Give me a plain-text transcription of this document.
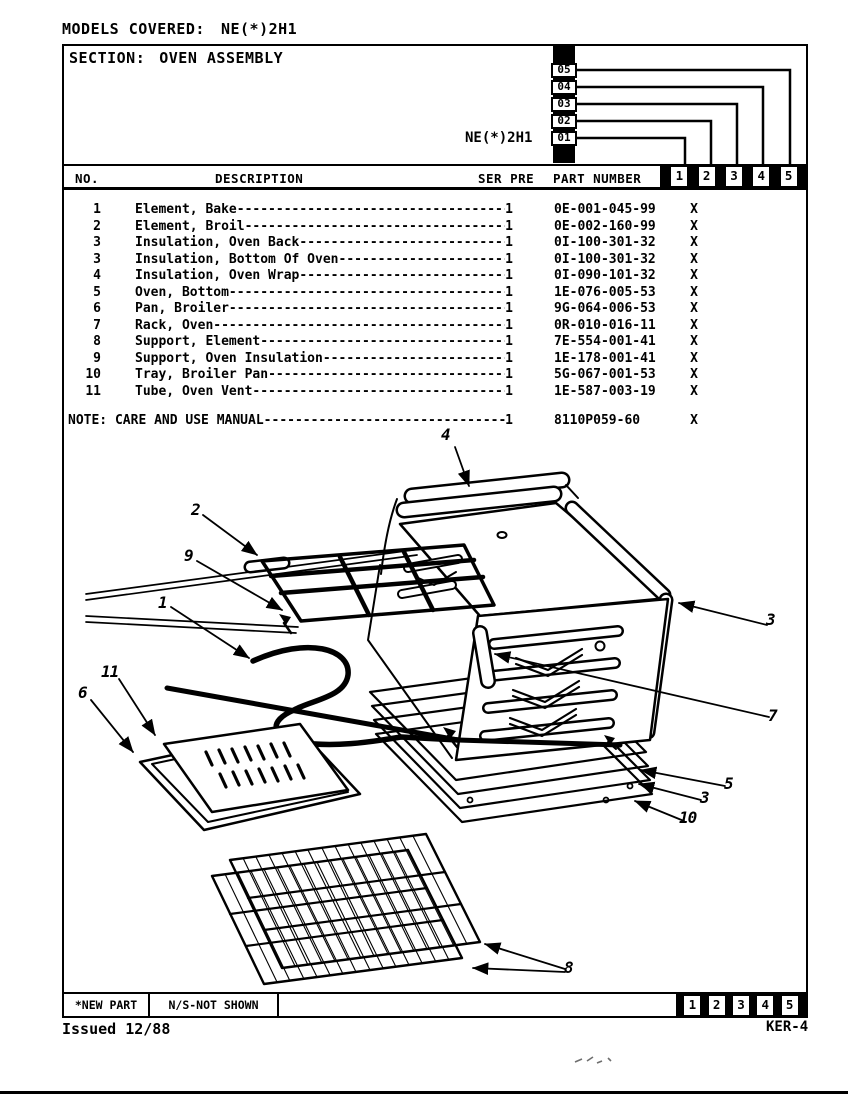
MODELS COVERED: NE(*)2H1
SECTION: OVEN ASSEMBLY
05
04
03
02
01
NE(*)2H1
NO.	DESCRIPTION	SER PRE PART NUMBER	1	2	3	4	5
1	Element, Bake -----	1	0E-001-045-99	X
2	Element, Broil -----	1	0E-002-160-99	X
3	Insulation, Oven Back -----	1	0I-100-301-32	X
3	Insulation, Bottom Of Oven -----	1	0I-100-301-32	X
4	Insulation, Oven Wrap -----	1	0I-090-101-32	X
5	Oven, Bottom -----	1	1E-076-005-53	X
6	Pan, Broiler -----	1	9G-064-006-53	X
7	Rack, Oven -----	1	0R-010-016-11	X
8	Support, Element -----	1	7E-554-001-41	X
9	Support, Oven Insulation -----	1	1E-178-001-41	X
10	Tray, Broiler Pan -----	1	5G-067-001-53	X
11	Tube, Oven Vent -----	1	1E-587-003-19	X
NOTE: CARE AND USE MANUAL -----	1	8110P059-60	X
4
2
9
1
11
6
3
7
5
3
10
8
*NEW PART	N/S-NOT SHOWN	1	2	3	4	5
Issued 12/88	KER-4
